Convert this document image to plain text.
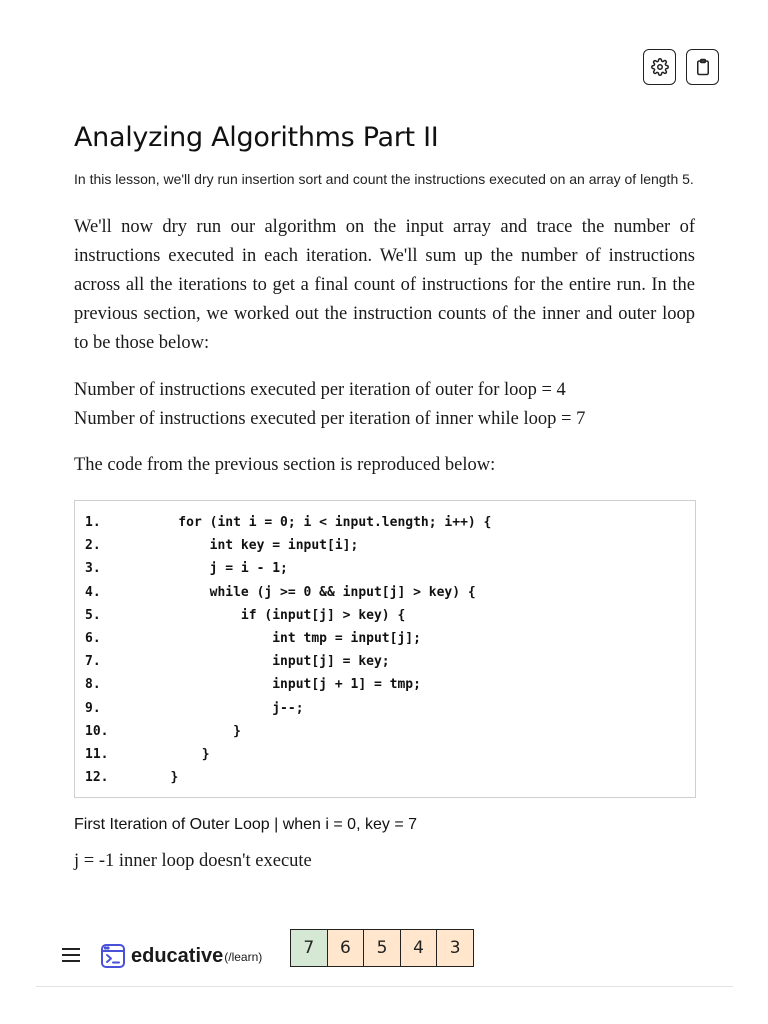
Analyzing Algorithms Part II

In this lesson, we'll dry run insertion sort and count the instructions executed on an array of length 5.

We'll now dry run our algorithm on the input array and trace the number of instructions executed in each iteration. We'll sum up the number of instructions across all the iterations to get a final count of instructions for the entire run. In the previous section, we worked out the instruction counts of the inner and outer loop to be those below:

Number of instructions executed per iteration of outer for loop = 4
Number of instructions executed per iteration of inner while loop = 7

The code from the previous section is reproduced below:

1.	for (int i = 0; i < input.length; i++) {
2.	int key = input[i];
3.	j = i - 1;
4.	while (j >= 0 && input[j] > key) {
5.	if (input[j] > key) {
6.	int tmp = input[j];
7.	input[j] = key;
8.	input[j + 1] = tmp;
9.	j--;
10.	}
11.	}
12.	}
First Iteration of Outer Loop | when i = 0, key = 7
j = -1 inner loop doesn't execute
educative (/learn)	7	6	5	4	3
